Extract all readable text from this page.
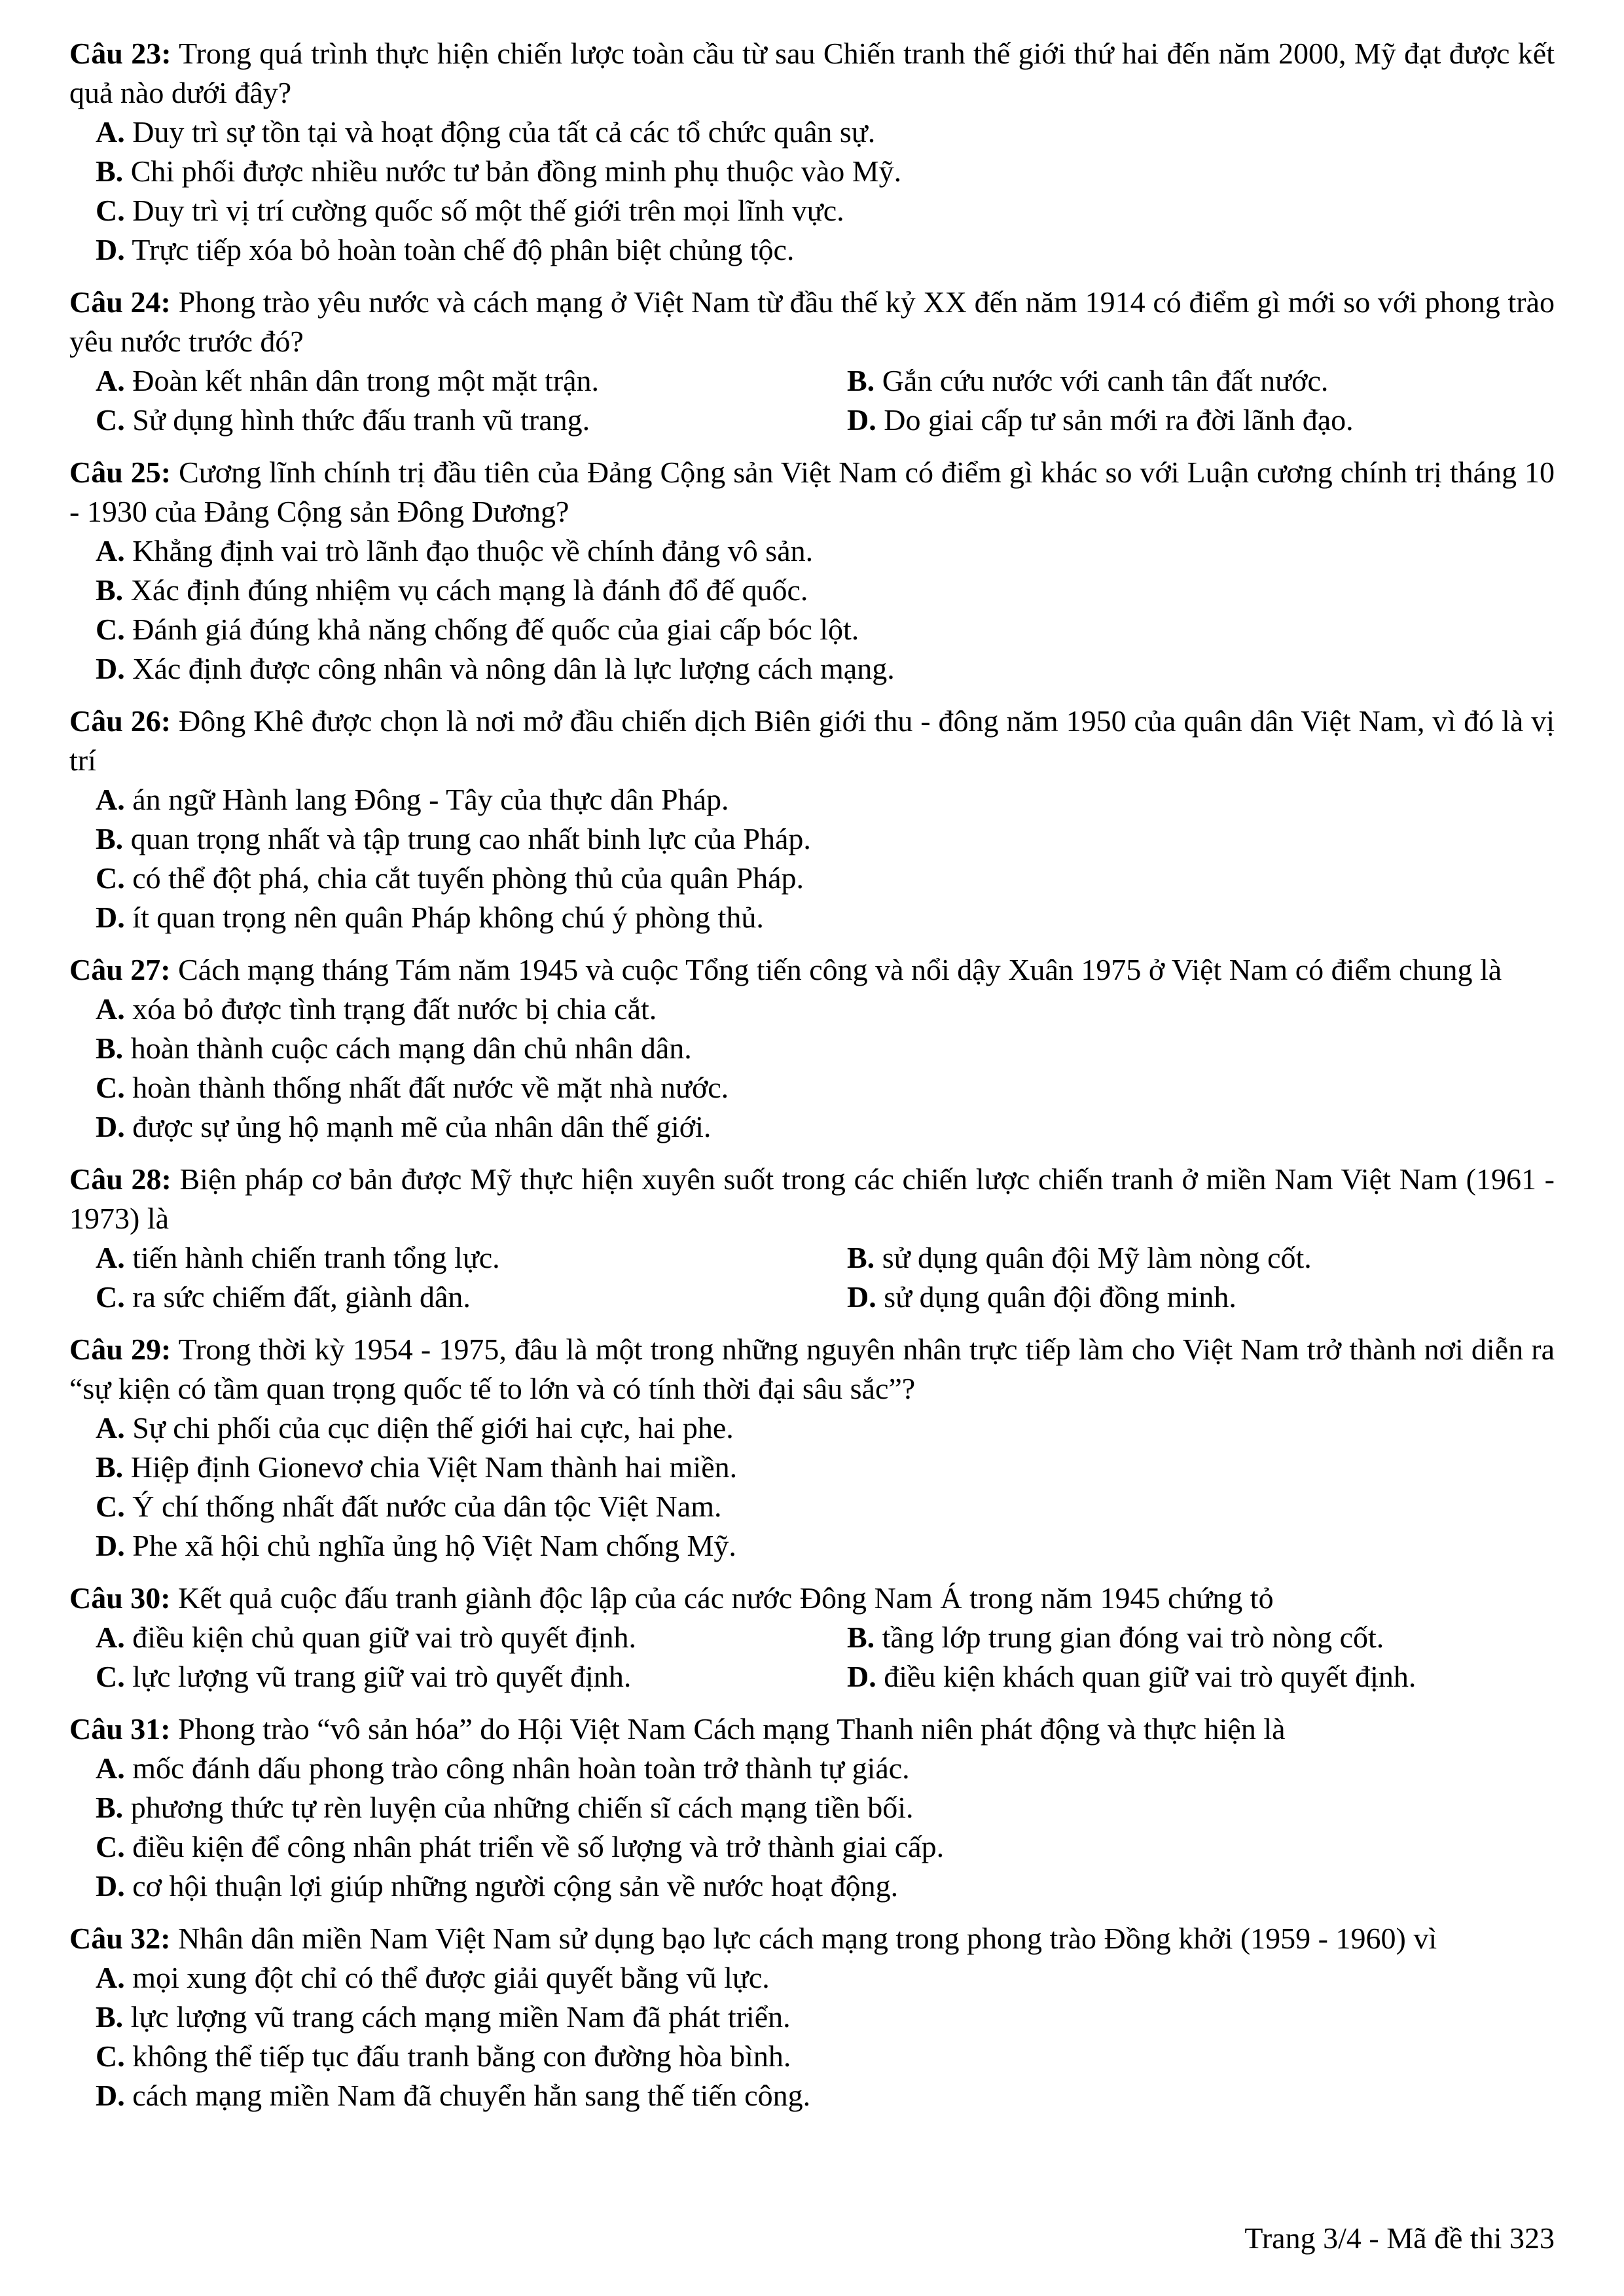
Câu 23: Trong quá trình thực hiện chiến lược toàn cầu từ sau Chiến tranh thế giới thứ hai đến năm 2000, Mỹ đạt được kết quả nào dưới đây?
A. Duy trì sự tồn tại và hoạt động của tất cả các tổ chức quân sự.
B. Chi phối được nhiều nước tư bản đồng minh phụ thuộc vào Mỹ.
C. Duy trì vị trí cường quốc số một thế giới trên mọi lĩnh vực.
D. Trực tiếp xóa bỏ hoàn toàn chế độ phân biệt chủng tộc.
Câu 24: Phong trào yêu nước và cách mạng ở Việt Nam từ đầu thế kỷ XX đến năm 1914 có điểm gì mới so với phong trào yêu nước trước đó?
A. Đoàn kết nhân dân trong một mặt trận.	B. Gắn cứu nước với canh tân đất nước.
C. Sử dụng hình thức đấu tranh vũ trang.	D. Do giai cấp tư sản mới ra đời lãnh đạo.
Câu 25: Cương lĩnh chính trị đầu tiên của Đảng Cộng sản Việt Nam có điểm gì khác so với Luận cương chính trị tháng 10 - 1930 của Đảng Cộng sản Đông Dương?
A. Khẳng định vai trò lãnh đạo thuộc về chính đảng vô sản.
B. Xác định đúng nhiệm vụ cách mạng là đánh đổ đế quốc.
C. Đánh giá đúng khả năng chống đế quốc của giai cấp bóc lột.
D. Xác định được công nhân và nông dân là lực lượng cách mạng.
Câu 26: Đông Khê được chọn là nơi mở đầu chiến dịch Biên giới thu - đông năm 1950 của quân dân Việt Nam, vì đó là vị trí
A. án ngữ Hành lang Đông - Tây của thực dân Pháp.
B. quan trọng nhất và tập trung cao nhất binh lực của Pháp.
C. có thể đột phá, chia cắt tuyến phòng thủ của quân Pháp.
D. ít quan trọng nên quân Pháp không chú ý phòng thủ.
Câu 27: Cách mạng tháng Tám năm 1945 và cuộc Tổng tiến công và nổi dậy Xuân 1975 ở Việt Nam có điểm chung là
A. xóa bỏ được tình trạng đất nước bị chia cắt.
B. hoàn thành cuộc cách mạng dân chủ nhân dân.
C. hoàn thành thống nhất đất nước về mặt nhà nước.
D. được sự ủng hộ mạnh mẽ của nhân dân thế giới.
Câu 28: Biện pháp cơ bản được Mỹ thực hiện xuyên suốt trong các chiến lược chiến tranh ở miền Nam Việt Nam (1961 - 1973) là
A. tiến hành chiến tranh tổng lực.	B. sử dụng quân đội Mỹ làm nòng cốt.
C. ra sức chiếm đất, giành dân.	D. sử dụng quân đội đồng minh.
Câu 29: Trong thời kỳ 1954 - 1975, đâu là một trong những nguyên nhân trực tiếp làm cho Việt Nam trở thành nơi diễn ra “sự kiện có tầm quan trọng quốc tế to lớn và có tính thời đại sâu sắc”?
A. Sự chi phối của cục diện thế giới hai cực, hai phe.
B. Hiệp định Gionevơ chia Việt Nam thành hai miền.
C. Ý chí thống nhất đất nước của dân tộc Việt Nam.
D. Phe xã hội chủ nghĩa ủng hộ Việt Nam chống Mỹ.
Câu 30: Kết quả cuộc đấu tranh giành độc lập của các nước Đông Nam Á trong năm 1945 chứng tỏ
A. điều kiện chủ quan giữ vai trò quyết định.	B. tầng lớp trung gian đóng vai trò nòng cốt.
C. lực lượng vũ trang giữ vai trò quyết định.	D. điều kiện khách quan giữ vai trò quyết định.
Câu 31: Phong trào “vô sản hóa” do Hội Việt Nam Cách mạng Thanh niên phát động và thực hiện là
A. mốc đánh dấu phong trào công nhân hoàn toàn trở thành tự giác.
B. phương thức tự rèn luyện của những chiến sĩ cách mạng tiền bối.
C. điều kiện để công nhân phát triển về số lượng và trở thành giai cấp.
D. cơ hội thuận lợi giúp những người cộng sản về nước hoạt động.
Câu 32: Nhân dân miền Nam Việt Nam sử dụng bạo lực cách mạng trong phong trào Đồng khởi (1959 - 1960) vì
A. mọi xung đột chỉ có thể được giải quyết bằng vũ lực.
B. lực lượng vũ trang cách mạng miền Nam đã phát triển.
C. không thể tiếp tục đấu tranh bằng con đường hòa bình.
D. cách mạng miền Nam đã chuyển hẳn sang thế tiến công.
Trang 3/4 - Mã đề thi 323
